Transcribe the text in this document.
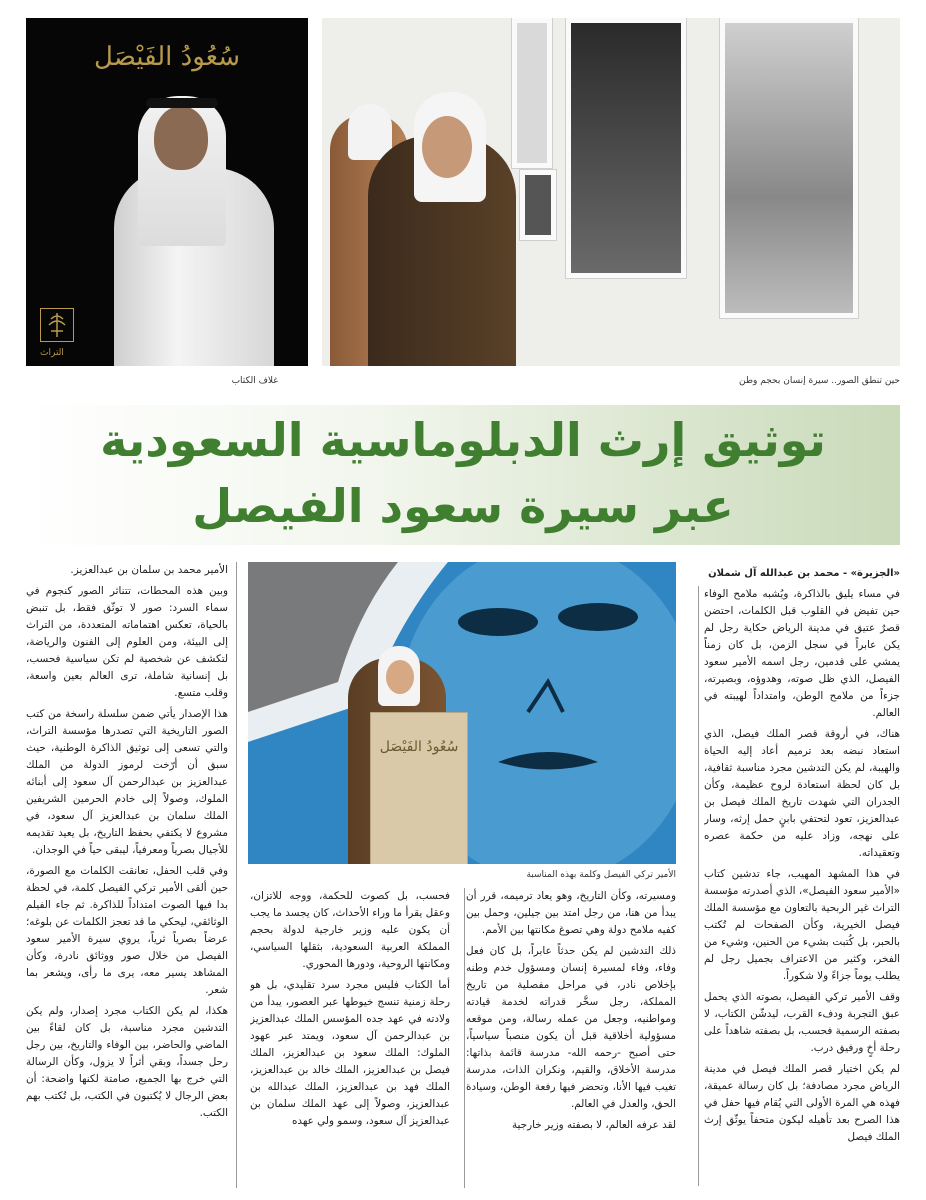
سُعُودُ الفَيْصَل
التراث
غلاف الكتاب	حين تنطق الصور.. سيرة إنسان بحجم وطن
توثيق إرث الدبلوماسية السعودية
عبر سيرة سعود الفيصل
«الجزيرة» - محمد بن عبدالله آل شملان
سُعُودُ الفَيْصَل
الأمير تركي الفيصل وكلمة بهذه المناسبة

في مساء يليق بالذاكرة، ويُشبه ملامح الوفاء حين تفيض في القلوب قبل الكلمات، احتضن قصرٌ عتيق في مدينة الرياض حكاية رجل لم يكن عابراً في سجل الزمن، بل كان زمناً يمشي على قدمين، رجل اسمه الأمير سعود الفيصل، الذي ظل صوته، وهدوؤه، وبصيرته، جزءاً من ملامح الوطن، وامتداداً لهيبته في العالم.

هناك، في أروقة قصر الملك فيصل، الذي استعاد نبضه بعد ترميم أعاد إليه الحياة والهيبة، لم يكن التدشين مجرد مناسبة ثقافية، بل كان لحظة استعادة لروح عظيمة، وكأن الجدران التي شهدت تاريخ الملك فيصل بن عبدالعزيز، تعود لتحتفي بابنٍ حمل إرثه، وسار على نهجه، وزاد عليه من حكمة عصره وتعقيداته.

في هذا المشهد المهيب، جاء تدشين كتاب «الأمير سعود الفيصل»، الذي أصدرته مؤسسة التراث غير الربحية بالتعاون مع مؤسسة الملك فيصل الخيرية، وكأن الصفحات لم تُكتب بالحبر، بل كُتبت بشيء من الحنين، وشيء من الفخر، وكثير من الاعتراف بجميل رجل لم يطلب يوماً جزاءً ولا شكوراً.

وقف الأمير تركي الفيصل، بصوته الذي يحمل عبق التجربة ودفء القرب، ليدشّن الكتاب، لا بصفته الرسمية فحسب، بل بصفته شاهداً على رحلة أخٍ ورفيق درب.

لم يكن اختيار قصر الملك فيصل في مدينة الرياض مجرد مصادفة؛ بل كان رسالة عميقة، فهذه هي المرة الأولى التي يُقام فيها حفل في هذا الصرح بعد تأهيله ليكون متحفاً يوثّق إرث الملك فيصل

ومسيرته، وكأن التاريخ، وهو يعاد ترميمه، قرر أن يبدأ من هنا، من رجل امتد بين جيلين، وحمل بين كفيه ملامح دولة وهي تصوغ مكانتها بين الأمم.

ذلك التدشين لم يكن حدثاً عابراً، بل كان فعل وفاء، وفاء لمسيرة إنسان ومسؤول خدم وطنه بإخلاص نادر، في مراحل مفصلية من تاريخ المملكة، رجل سخَّر قدراته لخدمة قيادته ومواطنيه، وجعل من عمله رسالة، ومن موقعه مسؤولية أخلاقية قبل أن يكون منصباً سياسياً، حتى أصبح -رحمه الله- مدرسة قائمة بذاتها: مدرسة الأخلاق، والقيم، ونكران الذات، مدرسة تغيب فيها الأنا، وتحضر فيها رفعة الوطن، وسيادة الحق، والعدل في العالم.

لقد عرفه العالم، لا بصفته وزير خارجية

فحسب، بل كصوت للحكمة، ووجه للاتزان، وعقل يقرأ ما وراء الأحداث، كان يجسد ما يجب أن يكون عليه وزير خارجية لدولة بحجم المملكة العربية السعودية، بثقلها السياسي، ومكانتها الروحية، ودورها المحوري.

أما الكتاب فليس مجرد سرد تقليدي، بل هو رحلة زمنية تنسج خيوطها عبر العصور، يبدأ من ولادته في عهد جده المؤسس الملك عبدالعزيز بن عبدالرحمن آل سعود، ويمتد عبر عهود الملوك: الملك سعود بن عبدالعزيز، الملك فيصل بن عبدالعزيز، الملك خالد بن عبدالعزيز، الملك فهد بن عبدالعزيز، الملك عبدالله بن عبدالعزيز، وصولاً إلى عهد الملك سلمان بن عبدالعزيز آل سعود، وسمو ولي عهده

الأمير محمد بن سلمان بن عبدالعزيز.

وبين هذه المحطات، تتناثر الصور كنجوم في سماء السرد: صور لا توثّق فقط، بل تنبض بالحياة، تعكس اهتماماته المتعددة، من التراث إلى البيئة، ومن العلوم إلى الفنون والرياضة، لتكشف عن شخصية لم تكن سياسية فحسب، بل إنسانية شاملة، ترى العالم بعين واسعة، وقلب متسع.

هذا الإصدار يأتي ضمن سلسلة راسخة من كتب الصور التاريخية التي تصدرها مؤسسة التراث، والتي تسعى إلى توثيق الذاكرة الوطنية، حيث سبق أن أرّخت لرموز الدولة من الملك عبدالعزيز بن عبدالرحمن آل سعود إلى أبنائه الملوك، وصولاً إلى خادم الحرمين الشريفين الملك سلمان بن عبدالعزيز آل سعود، في مشروع لا يكتفي بحفظ التاريخ، بل يعيد تقديمه للأجيال بصرياً ومعرفياً، ليبقى حياً في الوجدان.

وفي قلب الحفل، تعانقت الكلمات مع الصورة، حين ألقى الأمير تركي الفيصل كلمة، في لحظة بدا فيها الصوت امتداداً للذاكرة. ثم جاء الفيلم الوثائقي، ليحكي ما قد تعجز الكلمات عن بلوغه؛ عرضاً بصرياً ثرياً، يروي سيرة الأمير سعود الفيصل من خلال صور ووثائق نادرة، وكأن المشاهد يسير معه، يرى ما رأى، ويشعر بما شعر.

هكذا، لم يكن الكتاب مجرد إصدار، ولم يكن التدشين مجرد مناسبة، بل كان لقاءً بين الماضي والحاضر، بين الوفاء والتاريخ، بين رجل رحل جسداً، وبقي أثراً لا يزول، وكأن الرسالة التي خرج بها الجميع، صامتة لكنها واضحة: أن بعض الرجال لا يُكتبون في الكتب، بل تُكتب بهم الكتب.
